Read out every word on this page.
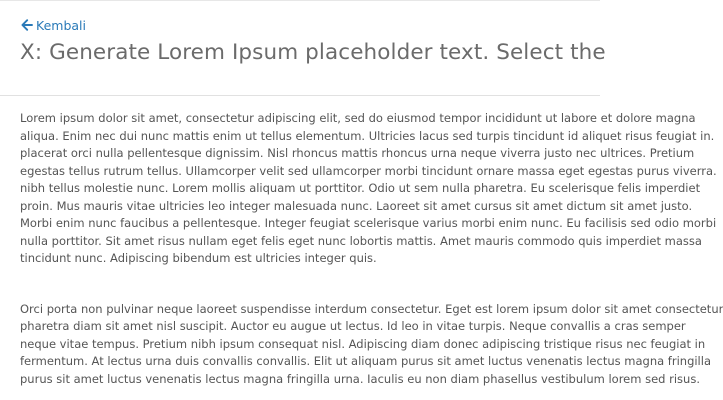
Kembali
X: Generate Lorem Ipsum placeholder text. Select the

Lorem ipsum dolor sit amet, consectetur adipiscing elit, sed do eiusmod tempor incididunt ut labore et dolore magna
aliqua. Enim nec dui nunc mattis enim ut tellus elementum. Ultricies lacus sed turpis tincidunt id aliquet risus feugiat in.
placerat orci nulla pellentesque dignissim. Nisl rhoncus mattis rhoncus urna neque viverra justo nec ultrices. Pretium
egestas tellus rutrum tellus. Ullamcorper velit sed ullamcorper morbi tincidunt ornare massa eget egestas purus viverra.
nibh tellus molestie nunc. Lorem mollis aliquam ut porttitor. Odio ut sem nulla pharetra. Eu scelerisque felis imperdiet
proin. Mus mauris vitae ultricies leo integer malesuada nunc. Laoreet sit amet cursus sit amet dictum sit amet justo.
Morbi enim nunc faucibus a pellentesque. Integer feugiat scelerisque varius morbi enim nunc. Eu facilisis sed odio morbi
nulla porttitor. Sit amet risus nullam eget felis eget nunc lobortis mattis. Amet mauris commodo quis imperdiet massa
tincidunt nunc. Adipiscing bibendum est ultricies integer quis.

Orci porta non pulvinar neque laoreet suspendisse interdum consectetur. Eget est lorem ipsum dolor sit amet consectetur
pharetra diam sit amet nisl suscipit. Auctor eu augue ut lectus. Id leo in vitae turpis. Neque convallis a cras semper
neque vitae tempus. Pretium nibh ipsum consequat nisl. Adipiscing diam donec adipiscing tristique risus nec feugiat in
fermentum. At lectus urna duis convallis convallis. Elit ut aliquam purus sit amet luctus venenatis lectus magna fringilla
purus sit amet luctus venenatis lectus magna fringilla urna. Iaculis eu non diam phasellus vestibulum lorem sed risus.
